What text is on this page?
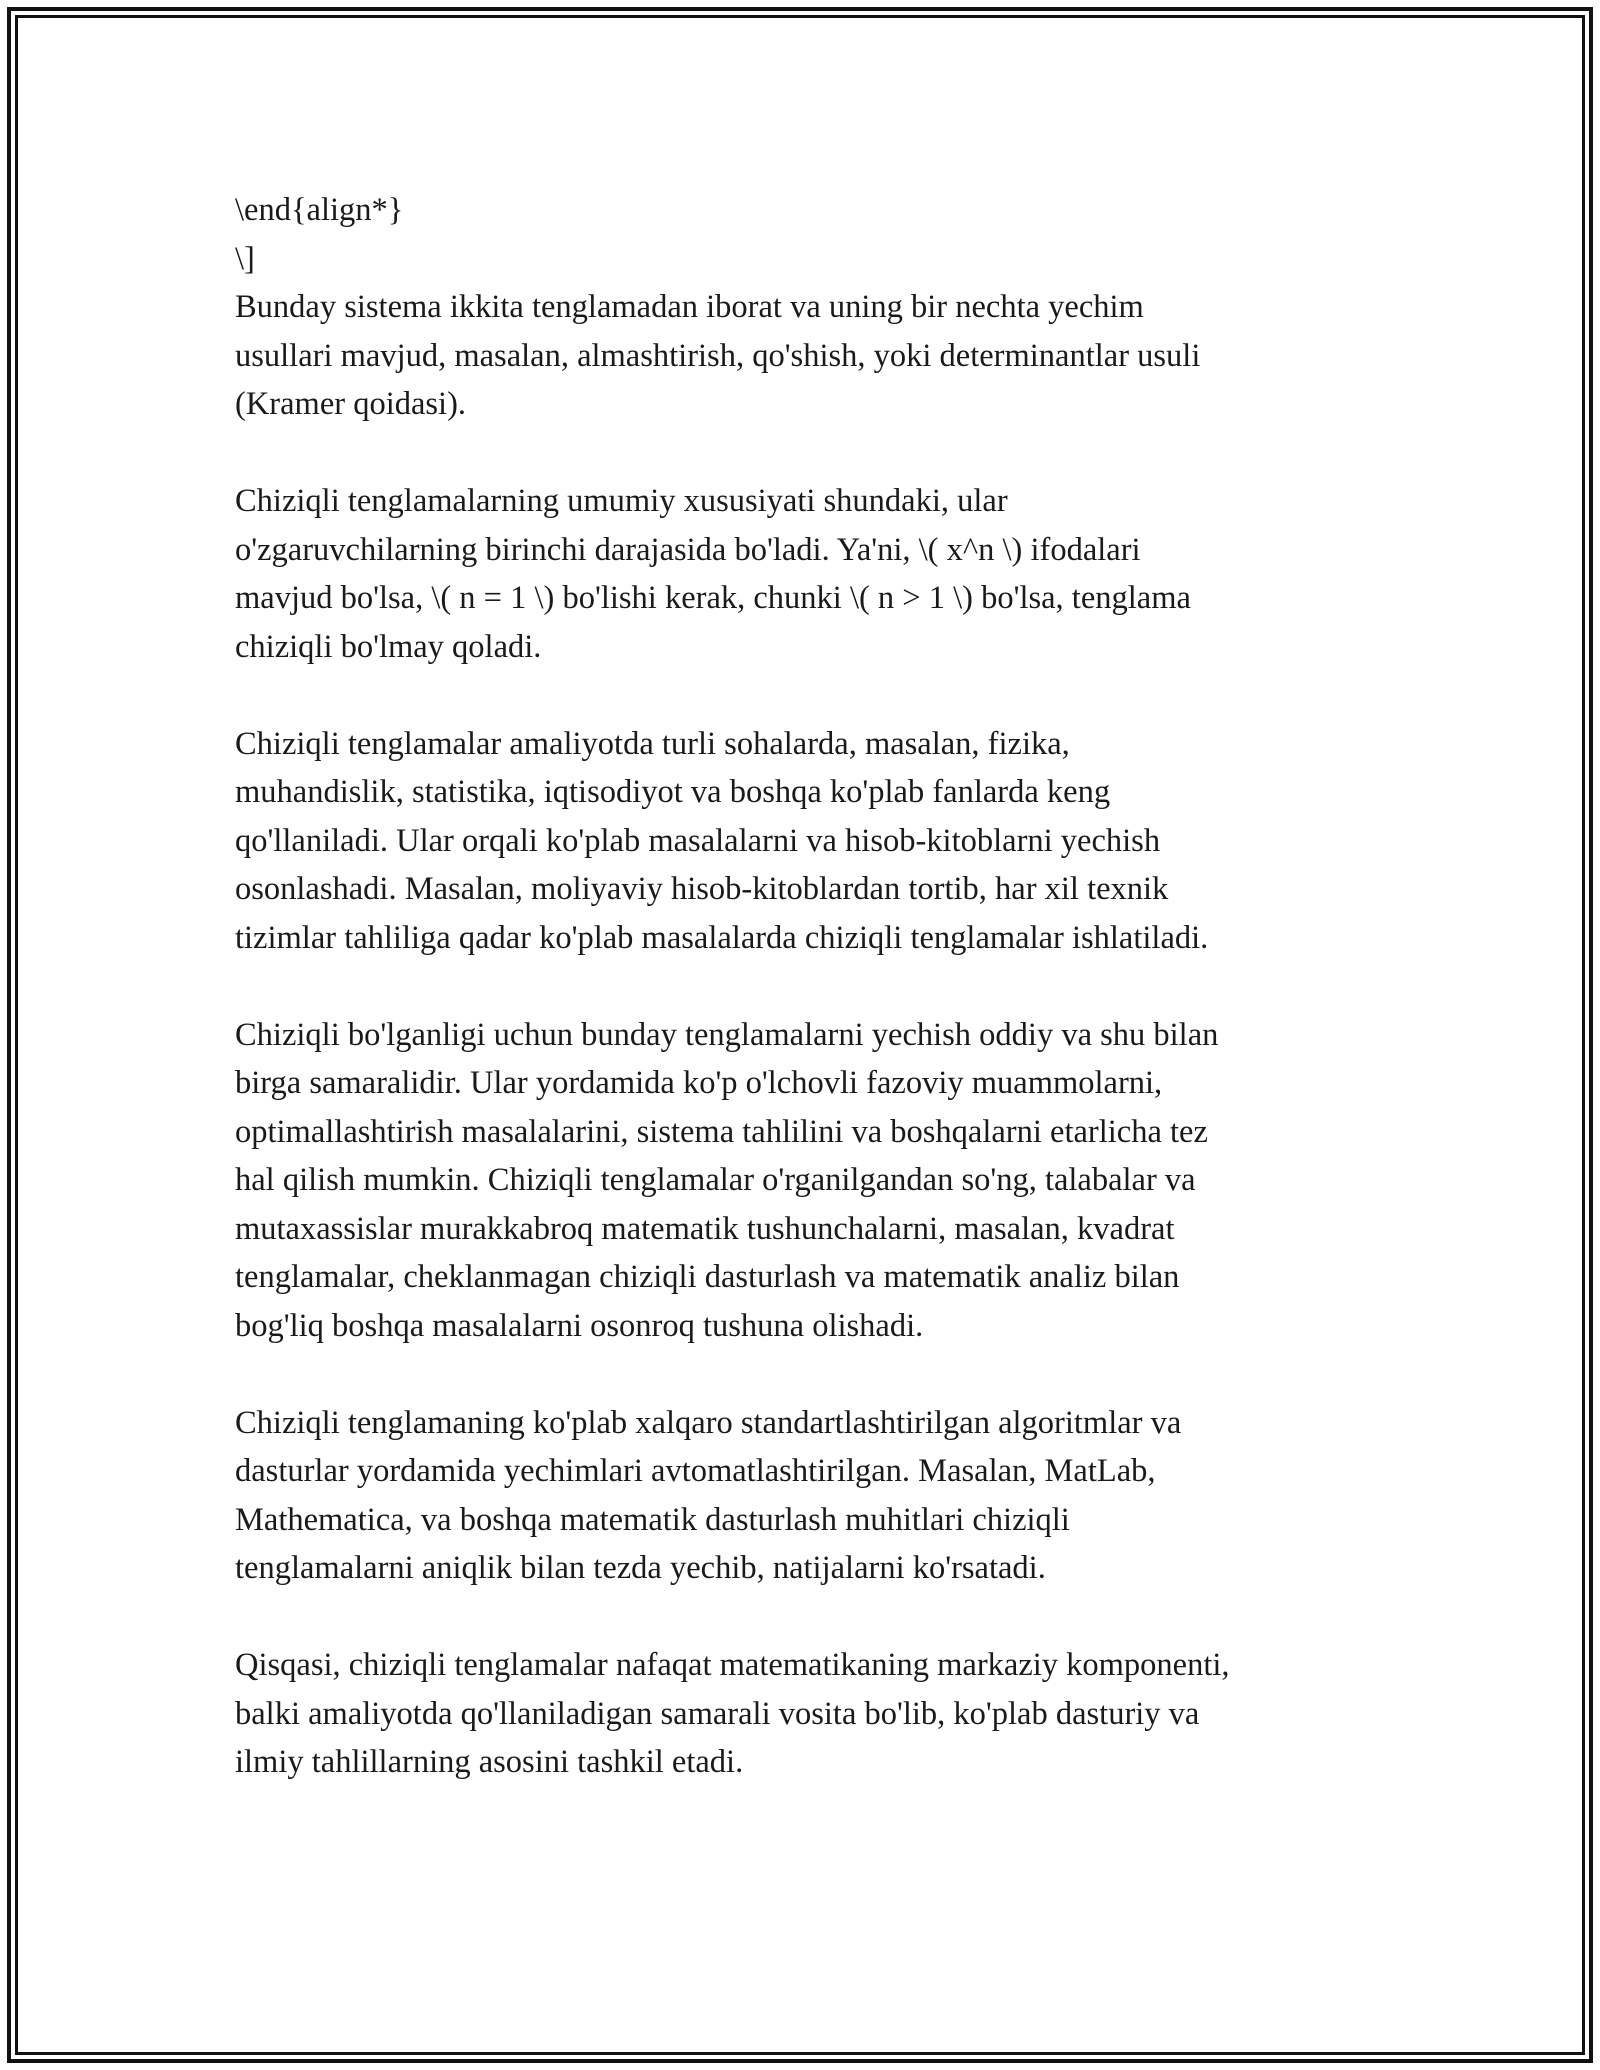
\end{align*}
\]
Bunday sistema ikkita tenglamadan iborat va uning bir nechta yechim
usullari mavjud, masalan, almashtirish, qo'shish, yoki determinantlar usuli
(Kramer qoidasi).
Chiziqli tenglamalarning umumiy xususiyati shundaki, ular
o'zgaruvchilarning birinchi darajasida bo'ladi. Ya'ni, \( x^n \) ifodalari
mavjud bo'lsa, \( n = 1 \) bo'lishi kerak, chunki \( n > 1 \) bo'lsa, tenglama
chiziqli bo'lmay qoladi.
Chiziqli tenglamalar amaliyotda turli sohalarda, masalan, fizika,
muhandislik, statistika, iqtisodiyot va boshqa ko'plab fanlarda keng
qo'llaniladi. Ular orqali ko'plab masalalarni va hisob-kitoblarni yechish
osonlashadi. Masalan, moliyaviy hisob-kitoblardan tortib, har xil texnik
tizimlar tahliliga qadar ko'plab masalalarda chiziqli tenglamalar ishlatiladi.
Chiziqli bo'lganligi uchun bunday tenglamalarni yechish oddiy va shu bilan
birga samaralidir. Ular yordamida ko'p o'lchovli fazoviy muammolarni,
optimallashtirish masalalarini, sistema tahlilini va boshqalarni etarlicha tez
hal qilish mumkin. Chiziqli tenglamalar o'rganilgandan so'ng, talabalar va
mutaxassislar murakkabroq matematik tushunchalarni, masalan, kvadrat
tenglamalar, cheklanmagan chiziqli dasturlash va matematik analiz bilan
bog'liq boshqa masalalarni osonroq tushuna olishadi.
Chiziqli tenglamaning ko'plab xalqaro standartlashtirilgan algoritmlar va
dasturlar yordamida yechimlari avtomatlashtirilgan. Masalan, MatLab,
Mathematica, va boshqa matematik dasturlash muhitlari chiziqli
tenglamalarni aniqlik bilan tezda yechib, natijalarni ko'rsatadi.
Qisqasi, chiziqli tenglamalar nafaqat matematikaning markaziy komponenti,
balki amaliyotda qo'llaniladigan samarali vosita bo'lib, ko'plab dasturiy va
ilmiy tahlillarning asosini tashkil etadi.
